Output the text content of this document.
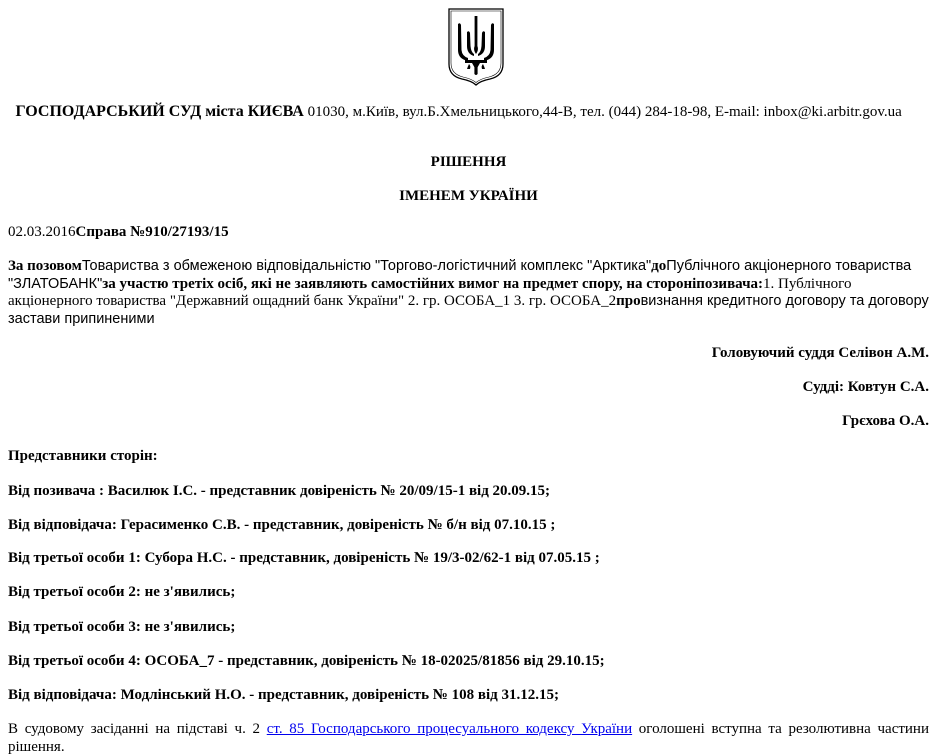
ГОСПОДАРСЬКИЙ СУД міста КИЄВА 01030, м.Київ, вул.Б.Хмельницького,44-В, тел. (044) 284-18-98, E-mail: inbox@ki.arbitr.gov.ua
РІШЕННЯ
ІМЕНЕМ УКРАЇНИ
02.03.2016Справа №910/27193/15
За позовомТовариства з обмеженою відповідальністю "Торгово-логістичний комплекс "Арктика"доПублічного акціонерного товариства "ЗЛАТОБАНК"за участю третіх осіб, які не заявляють самостійних вимог на предмет спору, на стороніпозивача:1. Публічного акціонерного товариства "Державний ощадний банк України" 2. гр. ОСОБА_1 3. гр. ОСОБА_2провизнання кредитного договору та договору застави припиненими
Головуючий суддя Селівон А.М.
Судді: Ковтун С.А.
Грєхова О.А.
Представники сторін:
Від позивача : Василюк І.С. - представник довіреність № 20/09/15-1 від 20.09.15;
Від відповідача: Герасименко С.В. - представник, довіреність № б/н від 07.10.15 ;
Від третьої особи 1: Субора Н.С. - представник, довіреність № 19/3-02/62-1 від 07.05.15 ;
Від третьої особи 2: не з'явились;
Від третьої особи 3: не з'явились;
Від третьої особи 4: ОСОБА_7 - представник, довіреність № 18-02025/81856 від 29.10.15;
Від відповідача: Модлінський Н.О. - представник, довіреність № 108 від 31.12.15;
В судовому засіданні на підставі ч. 2 ст. 85 Господарського процесуального кодексу України оголошені вступна та резолютивна частини рішення.
